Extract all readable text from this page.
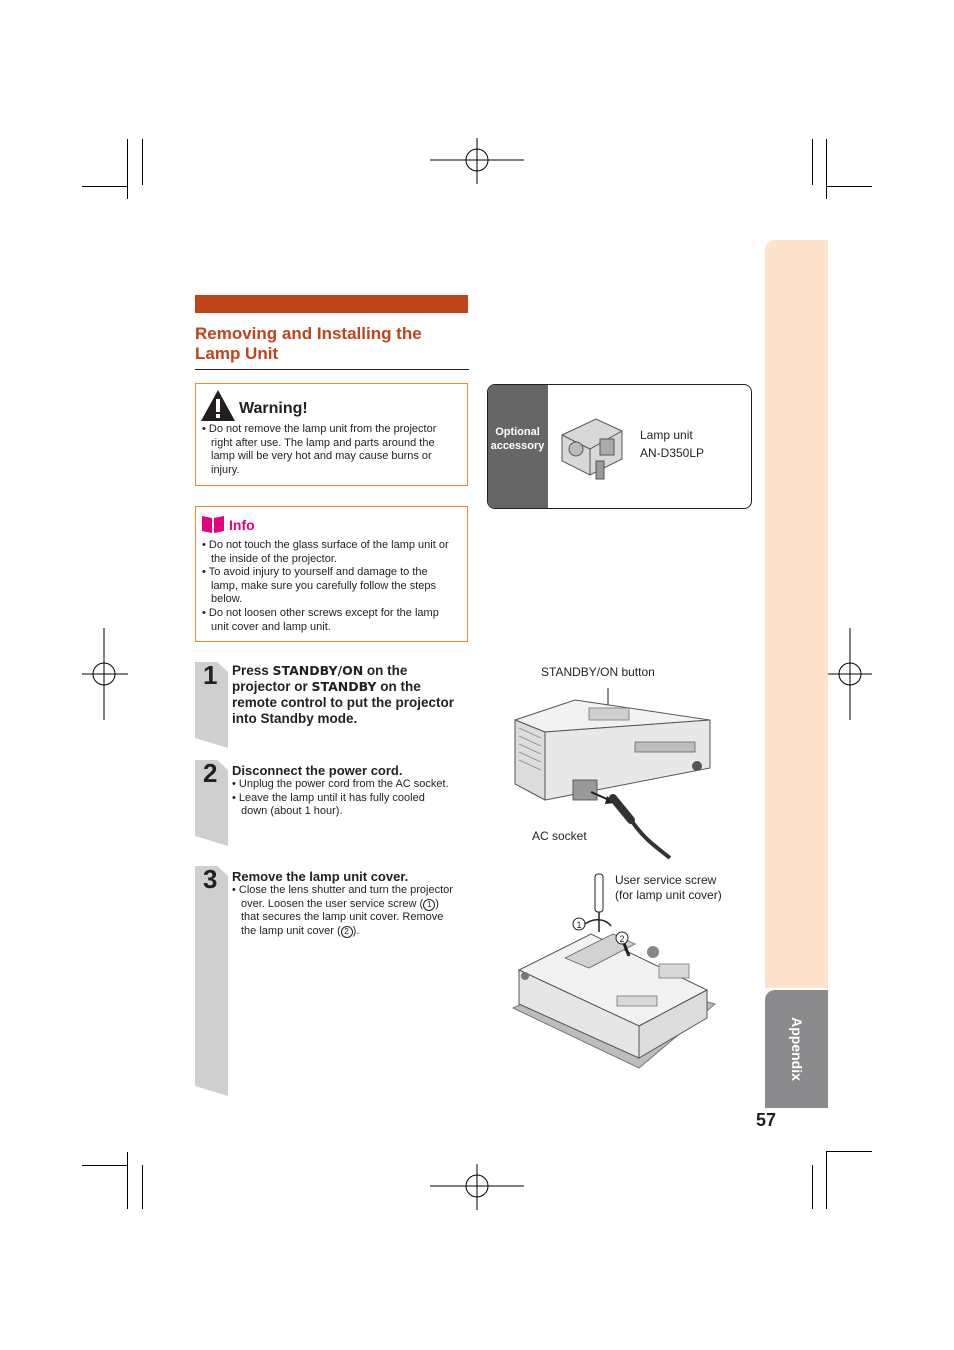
Appendix
57
Removing and Installing the
Lamp Unit
Warning!

• Do not remove the lamp unit from the projector right after use. The lamp and parts around the lamp will be very hot and may cause burns or injury.

Info

• Do not touch the glass surface of the lamp unit or the inside of the projector.

• To avoid injury to yourself and damage to the lamp, make sure you carefully follow the steps below.

• Do not loosen other screws except for the lamp unit cover and lamp unit.

Optional
accessory
Lamp unit
AN-D350LP
1 Press STANDBY/ON on the projector or STANDBY on the remote control to put the projector into Standby mode.
2 Disconnect the power cord.

• Unplug the power cord from the AC socket.

• Leave the lamp until it has fully cooled down (about 1 hour).

3 Remove the lamp unit cover.

• Close the lens shutter and turn the projector over. Loosen the user service screw ( 1 ) that secures the lamp unit cover. Remove the lamp unit cover ( 2 ).

STANDBY/ON button
AC socket
User service screw
(for lamp unit cover)
1
2
